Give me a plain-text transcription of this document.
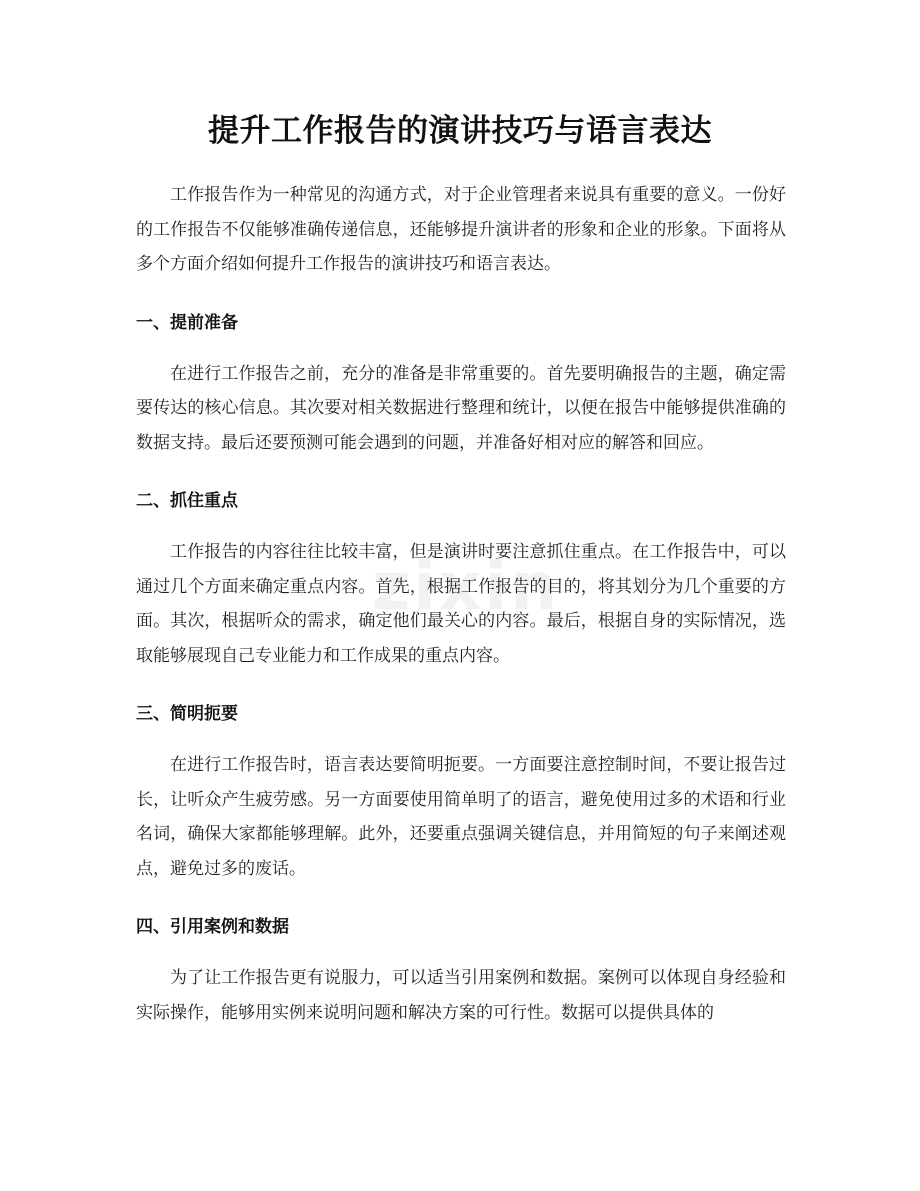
zixin
提升工作报告的演讲技巧与语言表达

工作报告作为一种常见的沟通方式，对于企业管理者来说具有重要的意义。一份好的工作报告不仅能够准确传递信息，还能够提升演讲者的形象和企业的形象。下面将从多个方面介绍如何提升工作报告的演讲技巧和语言表达。

一、提前准备

在进行工作报告之前，充分的准备是非常重要的。首先要明确报告的主题，确定需要传达的核心信息。其次要对相关数据进行整理和统计，以便在报告中能够提供准确的数据支持。最后还要预测可能会遇到的问题，并准备好相对应的解答和回应。

二、抓住重点

工作报告的内容往往比较丰富，但是演讲时要注意抓住重点。在工作报告中，可以通过几个方面来确定重点内容。首先，根据工作报告的目的，将其划分为几个重要的方面。其次，根据听众的需求，确定他们最关心的内容。最后，根据自身的实际情况，选取能够展现自己专业能力和工作成果的重点内容。

三、简明扼要

在进行工作报告时，语言表达要简明扼要。一方面要注意控制时间，不要让报告过长，让听众产生疲劳感。另一方面要使用简单明了的语言，避免使用过多的术语和行业名词，确保大家都能够理解。此外，还要重点强调关键信息，并用简短的句子来阐述观点，避免过多的废话。

四、引用案例和数据

为了让工作报告更有说服力，可以适当引用案例和数据。案例可以体现自身经验和实际操作，能够用实例来说明问题和解决方案的可行性。数据可以提供具体的
